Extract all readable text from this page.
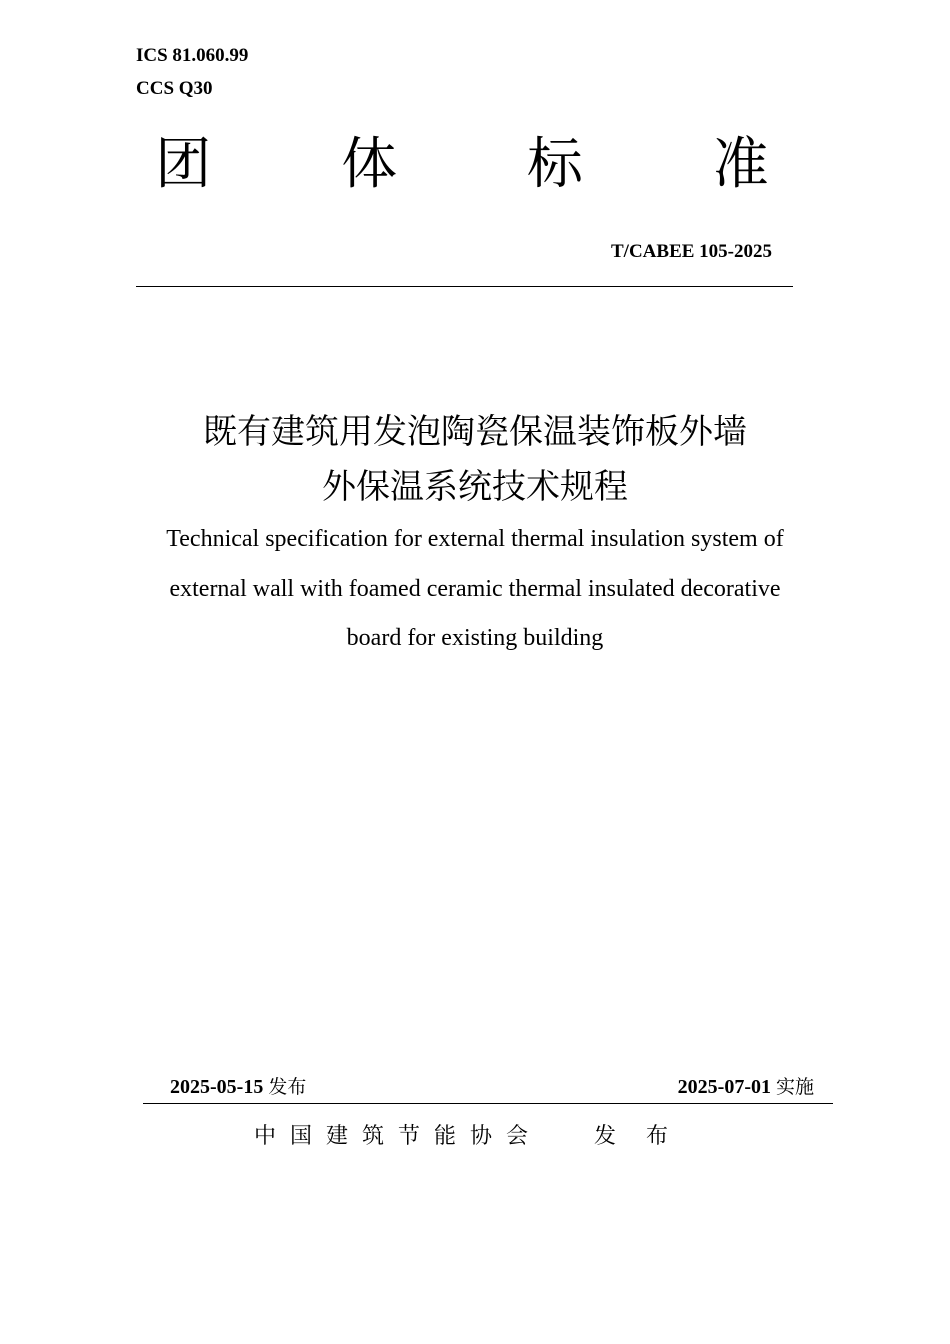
ICS 81.060.99
CCS Q30
团 体 标 准
T/CABEE 105-2025
既有建筑用发泡陶瓷保温装饰板外墙
外保温系统技术规程
Technical specification for external thermal insulation system of
external wall with foamed ceramic thermal insulated decorative
board for existing building
2025-05-15 发布	2025-07-01 实施
中国建筑节能协会 发布
